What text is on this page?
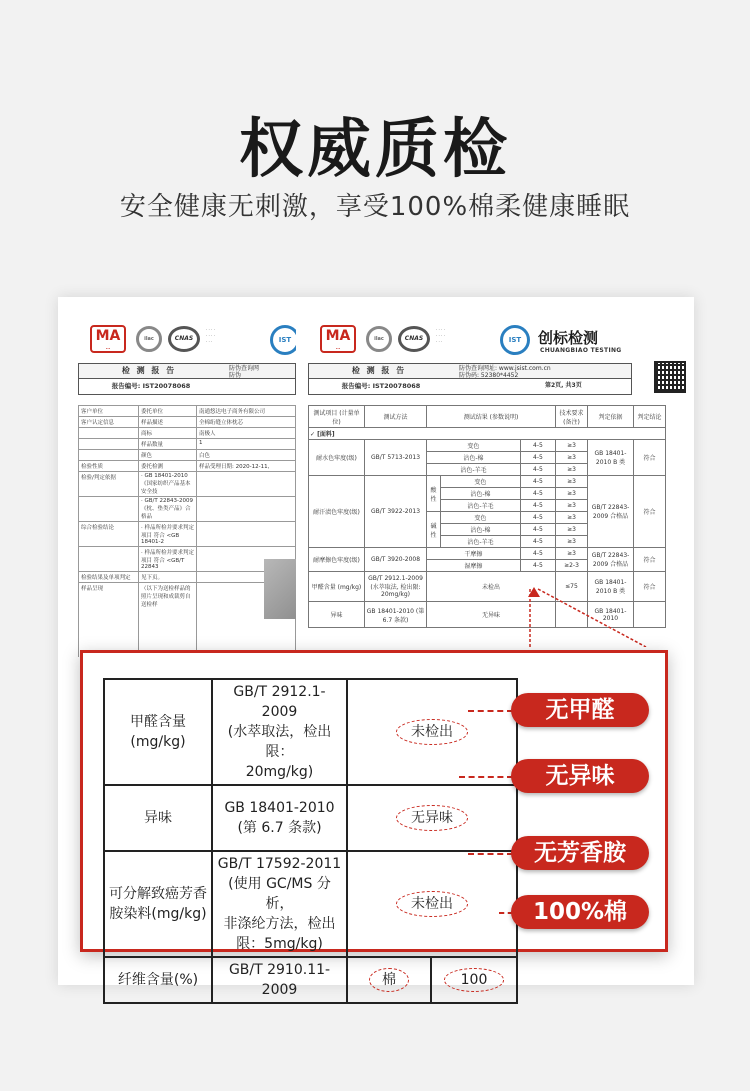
权威质检
安全健康无刺激，享受100%棉柔健康睡眠
MA
...
ilac	CNAS
· · · ·
· · · ·
· · ·	IST
检 测 报 告	防伪查询网
防伪
报告编号: IST20078068
客户单位	委托单位	南通悠达电子商务有限公司
客户认定信息	样品描述	全棉绗缝立体枕芯
	商标	南极人
	样品数量	1
	颜色	白色
检验性质	委托检测	样品受理日期: 2020-12-11,
检验/判定依据	· GB 18401-2010 《国家纺织产品基本安全技	
	· GB/T 22843-2009 《枕、垫类产品》合格品	
综合检验结论	· 样品所检并要求判定项目 符合 <GB 18401-2	
	· 样品所检并要求判定项目 符合 <GB/T 22843	
检验结果及单项判定	见下页。	
样品呈现	（以下为送检样品的照片呈现和成裁剪自送检样	
MA
...
ilac	CNAS
· · · ·
· · · ·
· · ·	IST	创标检测
CHUANGBIAO TESTING
检 测 报 告	防伪查询网址: www.jsist.com.cn
防伪码: 52380*4452
报告编号: IST20078068	第2页, 共3页
测试项目 (计量单位)	测试方法	测试结果 (参数说明)			技术要求 (备注)	判定依据	判定结论
✓ [面料]							
耐水色牢度(级)	GB/T 5713-2013	变色		4-5	≥3	GB 18401-2010 B 类	符合
		沾色-棉		4-5	≥3		
		沾色-羊毛		4-5	≥3		
耐汗渍色牢度(级)	GB/T 3922-2013	酸性	变色	4-5	≥3	GB/T 22843-2009 合格品	符合
			沾色-棉	4-5	≥3		
			沾色-羊毛	4-5	≥3		
		碱性	变色	4-5	≥3		
			沾色-棉	4-5	≥3		
			沾色-羊毛	4-5	≥3		
耐摩擦色牢度(级)	GB/T 3920-2008	干摩擦		4-5	≥3	GB/T 22843-2009 合格品	符合
		湿摩擦		4-5	≥2-3		
甲醛含量 (mg/kg)	GB/T 2912.1-2009 (水萃取法, 检出限: 20mg/kg)	未检出			≤75	GB 18401-2010 B 类	符合
异味	GB 18401-2010 (第 6.7 条款)	无异味				GB 18401-2010	
甲醛含量
(mg/kg)	GB/T 2912.1-2009
(水萃取法，检出限：
20mg/kg)	未检出	
异味	GB 18401-2010
(第 6.7 条款)	无异味	
可分解致癌芳香
胺染料(mg/kg)	GB/T 17592-2011
(使用 GC/MS 分析，
非涤纶方法，检出
限：5mg/kg)	未检出	
纤维含量(%)	GB/T 2910.11-2009	棉	100
无甲醛
无异味
无芳香胺
100%棉
